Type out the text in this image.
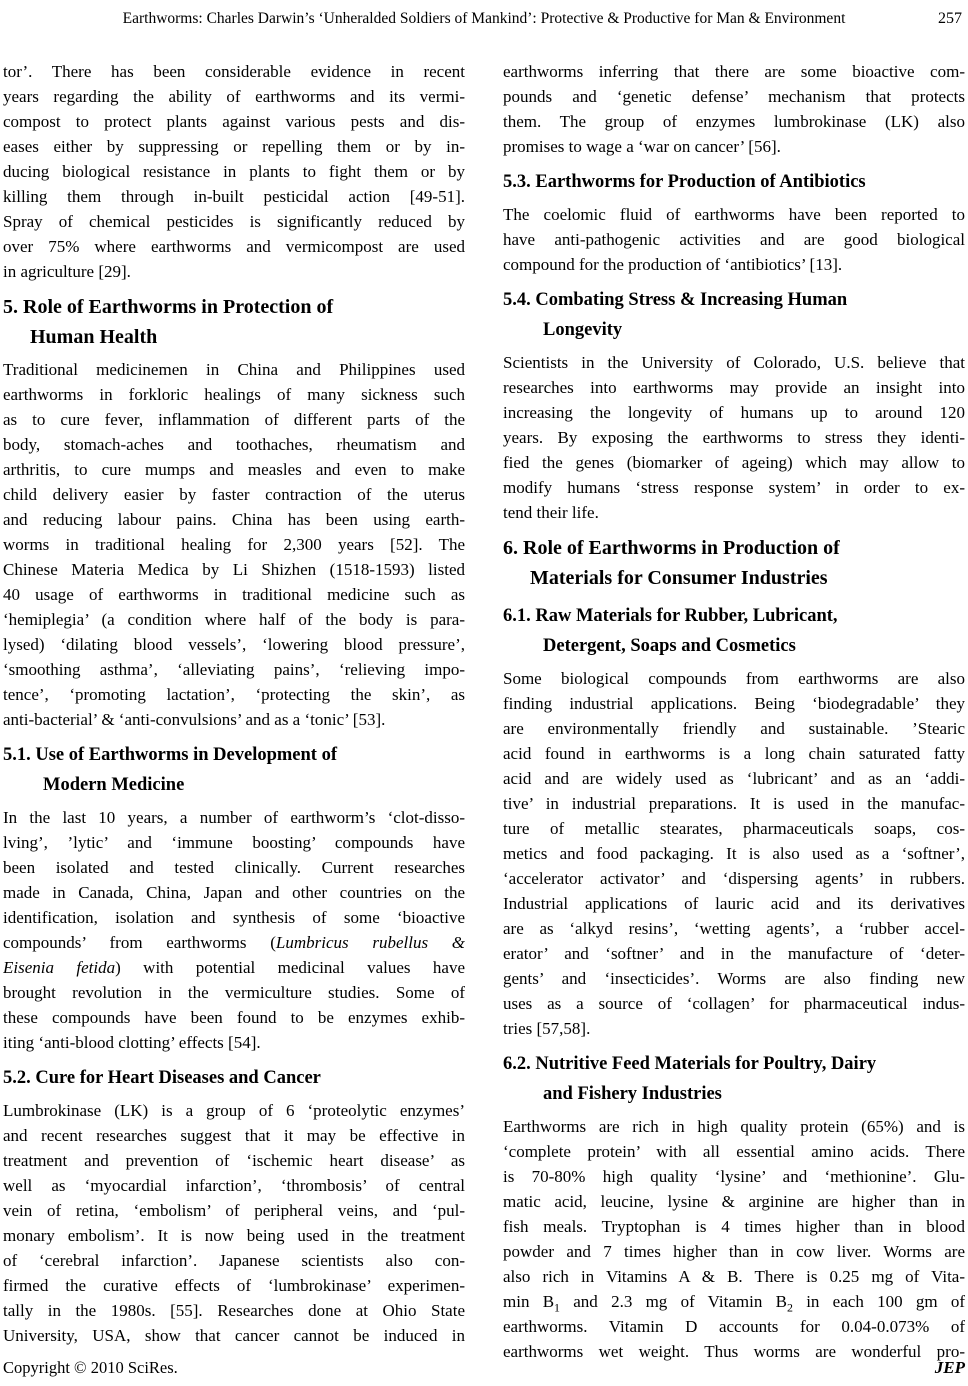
Earthworms: Charles Darwin’s ‘Unheralded Soldiers of Mankind’: Protective & Productive for Man & Environment	257
tor’. There has been considerable evidence in recent
years regarding the ability of earthworms and its vermi-
compost to protect plants against various pests and dis-
eases either by suppressing or repelling them or by in-
ducing biological resistance in plants to fight them or by
killing them through in-built pesticidal action [49-51].
Spray of chemical pesticides is significantly reduced by
over 75% where earthworms and vermicompost are used
in agriculture [29].
5. Role of Earthworms in Protection of
Human Health
Traditional medicinemen in China and Philippines used
earthworms in forkloric healings of many sickness such
as to cure fever, inflammation of different parts of the
body, stomach-aches and toothaches, rheumatism and
arthritis, to cure mumps and measles and even to make
child delivery easier by faster contraction of the uterus
and reducing labour pains. China has been using earth-
worms in traditional healing for 2,300 years [52]. The
Chinese Materia Medica by Li Shizhen (1518-1593) listed
40 usage of earthworms in traditional medicine such as
‘hemiplegia’ (a condition where half of the body is para-
lysed) ‘dilating blood vessels’, ‘lowering blood pressure’,
‘smoothing asthma’, ‘alleviating pains’, ‘relieving impo-
tence’, ‘promoting lactation’, ‘protecting the skin’, as
anti-bacterial’ & ‘anti-convulsions’ and as a ‘tonic’ [53].
5.1. Use of Earthworms in Development of
Modern Medicine
In the last 10 years, a number of earthworm’s ‘clot-disso-
lving’, ’lytic’ and ‘immune boosting’ compounds have
been isolated and tested clinically. Current researches
made in Canada, China, Japan and other countries on the
identification, isolation and synthesis of some ‘bioactive
compounds’ from earthworms (Lumbricus rubellus &
Eisenia fetida) with potential medicinal values have
brought revolution in the vermiculture studies. Some of
these compounds have been found to be enzymes exhib-
iting ‘anti-blood clotting’ effects [54].
5.2. Cure for Heart Diseases and Cancer
Lumbrokinase (LK) is a group of 6 ‘proteolytic enzymes’
and recent researches suggest that it may be effective in
treatment and prevention of ‘ischemic heart disease’ as
well as ‘myocardial infarction’, ‘thrombosis’ of central
vein of retina, ‘embolism’ of peripheral veins, and ‘pul-
monary embolism’. It is now being used in the treatment
of ‘cerebral infarction’. Japanese scientists also con-
firmed the curative effects of ‘lumbrokinase’ experimen-
tally in the 1980s. [55]. Researches done at Ohio State
University, USA, show that cancer cannot be induced in
earthworms inferring that there are some bioactive com-
pounds and ‘genetic defense’ mechanism that protects
them. The group of enzymes lumbrokinase (LK) also
promises to wage a ‘war on cancer’ [56].
5.3. Earthworms for Production of Antibiotics
The coelomic fluid of earthworms have been reported to
have anti-pathogenic activities and are good biological
compound for the production of ‘antibiotics’ [13].
5.4. Combating Stress & Increasing Human
Longevity
Scientists in the University of Colorado, U.S. believe that
researches into earthworms may provide an insight into
increasing the longevity of humans up to around 120
years. By exposing the earthworms to stress they identi-
fied the genes (biomarker of ageing) which may allow to
modify humans ‘stress response system’ in order to ex-
tend their life.
6. Role of Earthworms in Production of
Materials for Consumer Industries
6.1. Raw Materials for Rubber, Lubricant,
Detergent, Soaps and Cosmetics
Some biological compounds from earthworms are also
finding industrial applications. Being ‘biodegradable’ they
are environmentally friendly and sustainable. ’Stearic
acid found in earthworms is a long chain saturated fatty
acid and are widely used as ‘lubricant’ and as an ‘addi-
tive’ in industrial preparations. It is used in the manufac-
ture of metallic stearates, pharmaceuticals soaps, cos-
metics and food packaging. It is also used as a ‘softner’,
‘accelerator activator’ and ‘dispersing agents’ in rubbers.
Industrial applications of lauric acid and its derivatives
are as ‘alkyd resins’, ‘wetting agents’, a ‘rubber accel-
erator’ and ‘softner’ and in the manufacture of ‘deter-
gents’ and ‘insecticides’. Worms are also finding new
uses as a source of ‘collagen’ for pharmaceutical indus-
tries [57,58].
6.2. Nutritive Feed Materials for Poultry, Dairy
and Fishery Industries
Earthworms are rich in high quality protein (65%) and is
‘complete protein’ with all essential amino acids. There
is 70-80% high quality ‘lysine’ and ‘methionine’. Glu-
matic acid, leucine, lysine & arginine are higher than in
fish meals. Tryptophan is 4 times higher than in blood
powder and 7 times higher than in cow liver. Worms are
also rich in Vitamins A & B. There is 0.25 mg of Vita-
$\min B_1$ and 2.3 mg of Vitamin $B_2$ in each 100 gm of
earthworms. Vitamin D accounts for 0.04-0.073% of
earthworms wet weight. Thus worms are wonderful pro-
Copyright © 2010 SciRes.	JEP
